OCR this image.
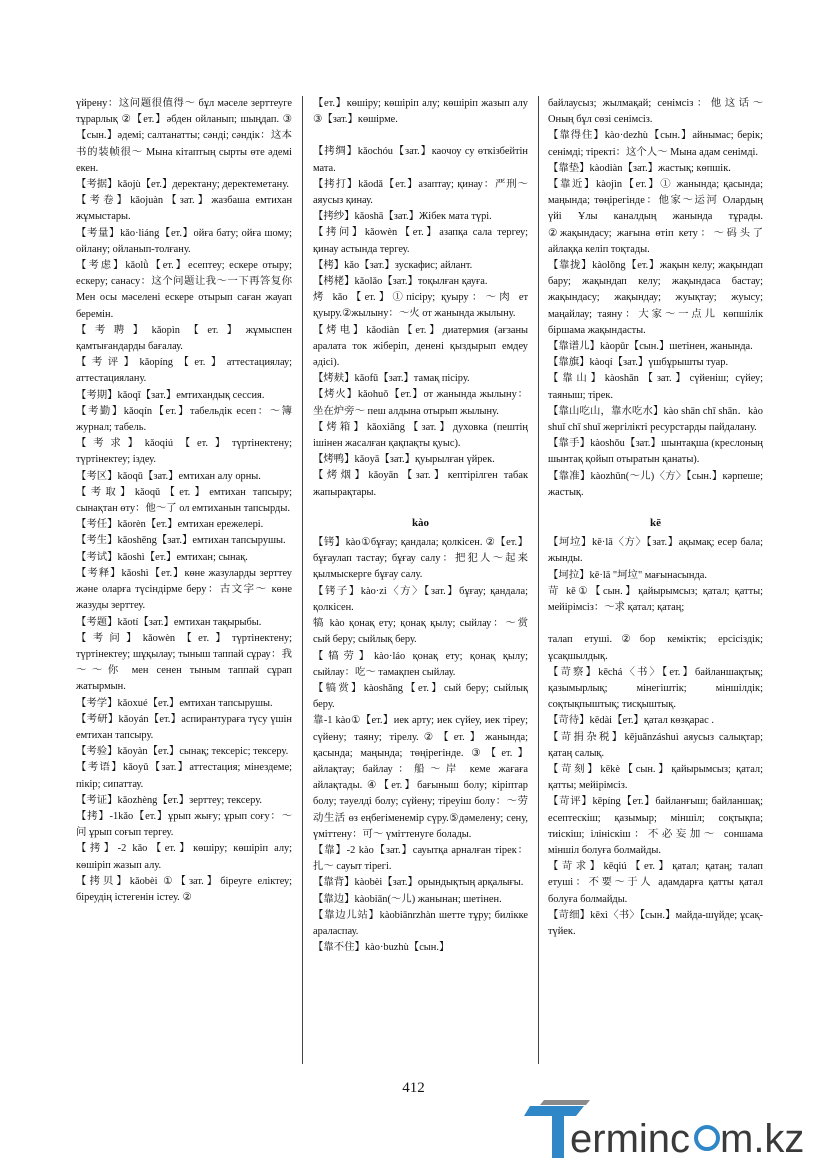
үйрену：这问题很值得～ бұл мәселе зерттеуге тұрарлық ②【ет.】әбден ойланып; шыңдап. ③【сын.】әдемі; салтанатты; сәнді; сәндік：这本书的装帧很～ Мына кітаптың сырты өте әдемі екен.

【考据】kǎojù【ет.】деректану; деректеметану.

【考卷】kǎojuàn【зат.】жазбаша емтихан жұмыстары.

【考量】kǎo·liáng【ет.】ойға бату; ойға шому; ойлану; ойланып-толғану.

【考虑】kǎolǜ【ет.】есептеу; ескере отыру; ескеру; санасу：这个问题让我～一下再答复你 Мен осы мәселені ескере отырып саған жауап беремін.

【考聘】kǎopìn【ет.】жұмыспен қамтығандарды бағалау.

【考评】kǎopíng【ет.】аттестациялау; аттестациялану.

【考期】kǎoqī【зат.】емтихандық сессия.

【考勤】kǎoqín【ет.】табельдік есеп：～簿 журнал; табель.

【考求】kǎoqiú【ет.】түртінектену; түртінектеу; іздеу.

【考区】kǎoqū【зат.】емтихан алу орны.

【考取】kǎoqǔ【ет.】емтихан тапсыру; сынақтан өту：他～了 ол емтиханын тапсырды.

【考任】kǎorèn【ет.】емтихан ережелері.

【考生】kǎoshēng【зат.】емтихан тапсырушы.

【考试】kǎoshì【ет.】емтихан; сынақ.

【考释】kǎoshì【ет.】көне жазуларды зерттеу және оларға түсіндірме беру：古文字～ көне жазуды зерттеу.

【考题】kǎotí【зат.】емтихан тақырыбы.

【考问】kǎowèn【ет.】түртінектену; түртінектеу; шұқылау; тыныш таппай сұрау：我～～你 мен сенен тыным таппай сұрап жатырмын.

【考学】kǎoxué【ет.】емтихан тапсырушы.

【考研】kǎoyán【ет.】аспирантураға түсу үшін емтихан тапсыру.

【考验】kǎoyàn【ет.】сынақ; тексеріс; тексеру.

【考语】kǎoyǔ【зат.】аттестация; мінездеме; пікір; сипаттау.

【考证】kǎozhèng【ет.】зерттеу; тексеру.

【拷】-1kǎo【ет.】ұрып жығу; ұрып соғу：～问 ұрып соғып тергеу.

【拷】-2 kǎo【ет.】көшіру; көшіріп алу; көшіріп жазып алу.

【拷贝】kǎobèi ①【зат.】біреуге еліктеу; біреудің істегенін істеу. ②

【ет.】көшіру; көшіріп алу; көшіріп жазып алу ③【зат.】көшірме.

【拷绸】kǎochóu【зат.】каочоу су өткізбейтін мата.

【拷打】kǎodǎ【ет.】азаптау; қинау：严刑～ аяусыз қинау.

【拷纱】kǎoshā【зат.】Жібек мата түрі.

【拷问】kǎowèn【ет.】азапқа сала тергеу; қинау астында тергеу.

【栲】kǎo【зат.】зускафис; айлант.

【栲栳】kǎolǎo【зат.】тоқылған қауға.

烤 kǎo【ет.】①пісіру; қуыру：～肉 ет қуыру.②жылыну：～火 от жанында жылыну.

【烤电】kǎodiàn【ет.】диатермия (ағзаны аралата ток жіберіп, денені қыздырып емдеу әдісі).

【烤麸】kǎofū【зат.】тамақ пісіру.

【烤火】kǎohuǒ【ет.】от жанында жылыну：坐在炉旁～ пеш алдына отырып жылыну.

【烤箱】kǎoxiāng【зат.】духовка (пештің ішінен жасалған қақпақты қуыс).

【烤鸭】kǎoyā【зат.】қуырылған үйрек.

【烤烟】kǎoyān【зат.】кептірілген табак жапырақтары.

kào

【铐】kào①бұғау; қандала; қолкісен. ②【ет.】бұғаулап тастау; бұғау салу：把犯人～起来 қылмыскерге бұғау салу.

【铐子】kào·zi〈方〉【зат.】бұғау; қандала; қолкісен.

犒 kào қонақ ету; қонақ қылу; сыйлау：～赏 сый беру; сыйлық беру.

【犒劳】kào·láo қонақ ету; қонақ қылу; сыйлау：吃～ тамақпен сыйлау.

【犒赏】kàoshǎng【ет.】сый беру; сыйлық беру.

靠-1 kào①【ет.】иек арту; иек сүйеу, иек тіреу; сүйену; таяну; тірелу.②【ет.】жанында; қасында; маңында; төңірегінде. ③【ет.】айлақтау; байлау：船～岸 кеме жағаға айлақтады. ④【ет.】бағыныш болу; кіріптар болу; тәуелді болу; сүйену; тіреуіш болу：～劳动生活 өз еңбегіменемір сүру.⑤дәмелену; сену, үміттену：可～ үміттенуге болады.

【靠】-2 kào【зат.】сауытқа арналған тірек：扎～ сауыт тірегі.

【靠背】kàobèi【зат.】орындықтың арқалығы.

【靠边】kàobiān(～儿) жанынан; шетінен.

【靠边儿站】kàobiānrzhàn шетте тұру; билікке араласпау.

【靠不住】kào·buzhù【сын.】

байлаусыз; жылмақай; сенімсіз：他这话～ Оның бұл сөзі сенімсіз.

【靠得住】kào·dezhù【сын.】айнымас; берік; сенімді; тіректі：这个人～ Мына адам сенімді.

【靠垫】kàodiàn【зат.】жастық; көпшік.

【靠近】kàojìn【ет.】① жанында; қасында; маңында; төңірегінде：他家～运河 Олардың үйі Ұлы каналдың жанында тұрады. ②жақындасу; жағына өтіп кету：～码头了 айлаққа келіп тоқтады.

【靠拢】kàolǒng【ет.】жақын келу; жақындап бару; жақындап келу; жақындаса бастау; жақындасу; жақындау; жуықтау; жуысу; маңайлау; таяну：大家～一点儿 көпшілік біршама жақындасты.

【靠谱儿】kàopǔr【сын.】шетінен, жанында.

【靠旗】kàoqí【зат.】үшбұрышты туар.

【靠山】kàoshān【зат.】сүйеніш; сүйеу; таяныш; тірек.

【靠山吃山，靠水吃水】kào shān chī shān．kào shuǐ chī shuǐ жергілікті ресурстарды пайдалану.

【靠手】kàoshǒu【зат.】шынтақша (креслоның шынтақ қойып отыратын қанаты).

【靠准】kàozhǔn(～儿)〈方〉【сын.】кәрпеше; жастық.

kē

【坷垃】kē·lā〈方〉【зат.】ақымақ; есер бала; жынды.

【坷拉】kē·lā "坷垃" мағынасында.

苛 kē①【сын.】қайырымсыз; қатал; қатты; мейірімсіз：～求 қатал; қатаң;

талап етуші.②бор кеміктік; ерсісіздік; ұсақшылдық.

【苛察】kēchá〈书〉【ет.】байланшақтық; қазымырлық; мінегіштік; міншілдік; соқтықпыштық; тисқыштық.

【苛待】kēdài【ет.】қатал көзқарас .

【苛捐杂税】kējuānzáshuì аяусыз салықтар; қатаң салық.

【苛刻】kēkè【сын.】қайырымсыз; қатал; қатты; мейірімсіз.

【苛评】kēpíng【ет.】байланғыш; байланшақ; есептескіш; қазымыр; міншіл; соқтықпа; тиіскіш; ілініскіш：不必妄加～ соншама міншіл болуға болмайды.

【苛求】kēqiú【ет.】қатал; қатаң; талап етуші：不要～于人 адамдарға қатты қатал болуға болмайды.

【苛细】kēxì〈书〉【сын.】майда-шүйде; ұсақ-түйек.

412
erminc m.kz
